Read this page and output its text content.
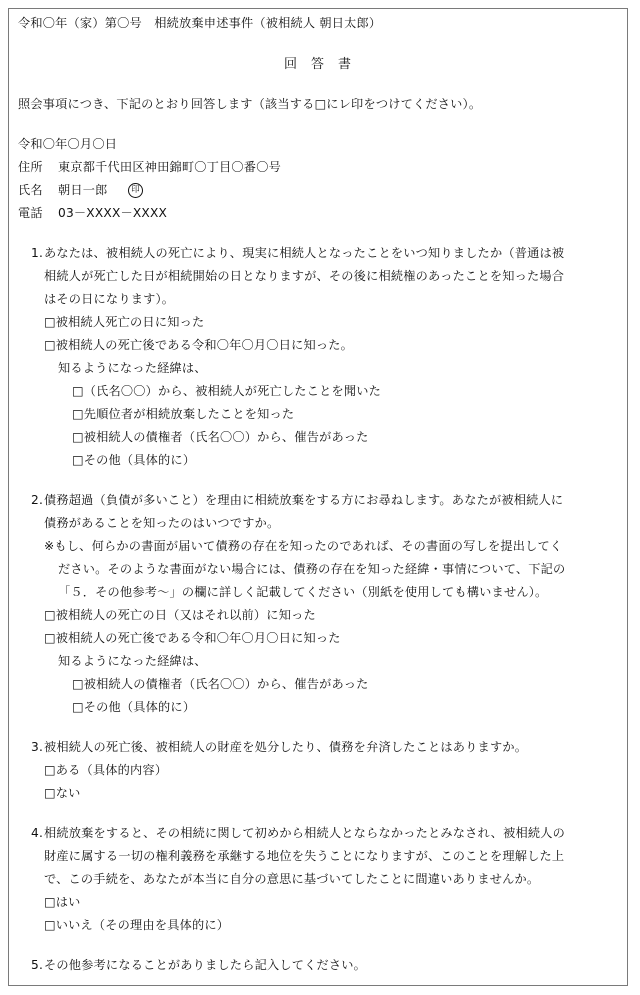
令和〇年（家）第〇号　相続放棄申述事件（被相続人 朝日太郎）
回答書
照会事項につき、下記のとおり回答します（該当する□にレ印をつけてください）。
令和〇年〇月〇日
住所 東京都千代田区神田錦町〇丁目〇番〇号
氏名 朝日一郎	印
電話 03－XXXX－XXXX
1. あなたは、被相続人の死亡により、現実に相続人となったことをいつ知りましたか（普通は被
相続人が死亡した日が相続開始の日となりますが、その後に相続権のあったことを知った場合
はその日になります）。
□被相続人死亡の日に知った
□被相続人の死亡後である令和〇年〇月〇日に知った。
知るようになった経緯は、
□（氏名〇〇）から、被相続人が死亡したことを聞いた
□先順位者が相続放棄したことを知った
□被相続人の債権者（氏名〇〇）から、催告があった
□その他（具体的に）
2. 債務超過（負債が多いこと）を理由に相続放棄をする方にお尋ねします。あなたが被相続人に
債務があることを知ったのはいつですか。
※もし、何らかの書面が届いて債務の存在を知ったのであれば、その書面の写しを提出してく
ださい。そのような書面がない場合には、債務の存在を知った経緯・事情について、下記の
「５．その他参考～」の欄に詳しく記載してください（別紙を使用しても構いません）。
□被相続人の死亡の日（又はそれ以前）に知った
□被相続人の死亡後である令和〇年〇月〇日に知った
知るようになった経緯は、
□被相続人の債権者（氏名〇〇）から、催告があった
□その他（具体的に）
3. 被相続人の死亡後、被相続人の財産を処分したり、債務を弁済したことはありますか。
□ある（具体的内容）
□ない
4. 相続放棄をすると、その相続に関して初めから相続人とならなかったとみなされ、被相続人の
財産に属する一切の権利義務を承継する地位を失うことになりますが、このことを理解した上
で、この手続を、あなたが本当に自分の意思に基づいてしたことに間違いありませんか。
□はい
□いいえ（その理由を具体的に）
5. その他参考になることがありましたら記入してください。
